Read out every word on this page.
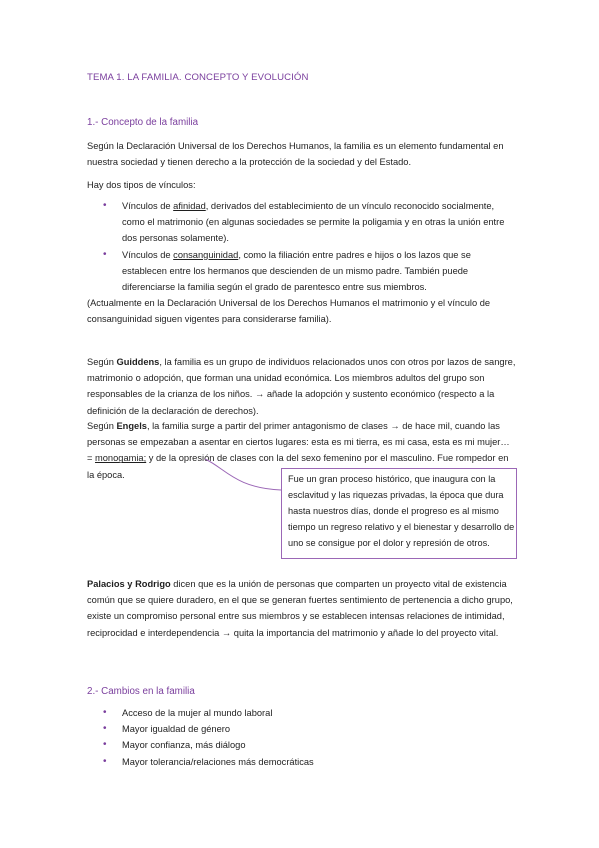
TEMA 1. LA FAMILIA. CONCEPTO Y EVOLUCIÓN
1.- Concepto de la familia
Según la Declaración Universal de los Derechos Humanos, la familia es un elemento fundamental en nuestra sociedad y tienen derecho a la protección de la sociedad y del Estado.
Hay dos tipos de vínculos:
• Vínculos de afinidad, derivados del establecimiento de un vínculo reconocido socialmente, como el matrimonio (en algunas sociedades se permite la poligamia y en otras la unión entre dos personas solamente).
• Vínculos de consanguinidad, como la filiación entre padres e hijos o los lazos que se establecen entre los hermanos que descienden de un mismo padre. También puede diferenciarse la familia según el grado de parentesco entre sus miembros.
(Actualmente en la Declaración Universal de los Derechos Humanos el matrimonio y el vínculo de consanguinidad siguen vigentes para considerarse familia).
Según Guiddens, la familia es un grupo de individuos relacionados unos con otros por lazos de sangre, matrimonio o adopción, que forman una unidad económica. Los miembros adultos del grupo son responsables de la crianza de los niños. → añade la adopción y sustento económico (respecto a la definición de la declaración de derechos).
Según Engels, la familia surge a partir del primer antagonismo de clases → de hace mil, cuando las personas se empezaban a asentar en ciertos lugares: esta es mi tierra, es mi casa, esta es mi mujer… = monogamia; y de la opresión de clases con la del sexo femenino por el masculino. Fue rompedor en la época.	Fue un gran proceso histórico, que inaugura con la esclavitud y las riquezas privadas, la época que dura hasta nuestros días, donde el progreso es al mismo tiempo un regreso relativo y el bienestar y desarrollo de uno se consigue por el dolor y represión de otros.
Palacios y Rodrigo dicen que es la unión de personas que comparten un proyecto vital de existencia común que se quiere duradero, en el que se generan fuertes sentimiento de pertenencia a dicho grupo, existe un compromiso personal entre sus miembros y se establecen intensas relaciones de intimidad, reciprocidad e interdependencia → quita la importancia del matrimonio y añade lo del proyecto vital.
2.- Cambios en la familia
• Acceso de la mujer al mundo laboral
• Mayor igualdad de género
• Mayor confianza, más diálogo
• Mayor tolerancia/relaciones más democráticas
